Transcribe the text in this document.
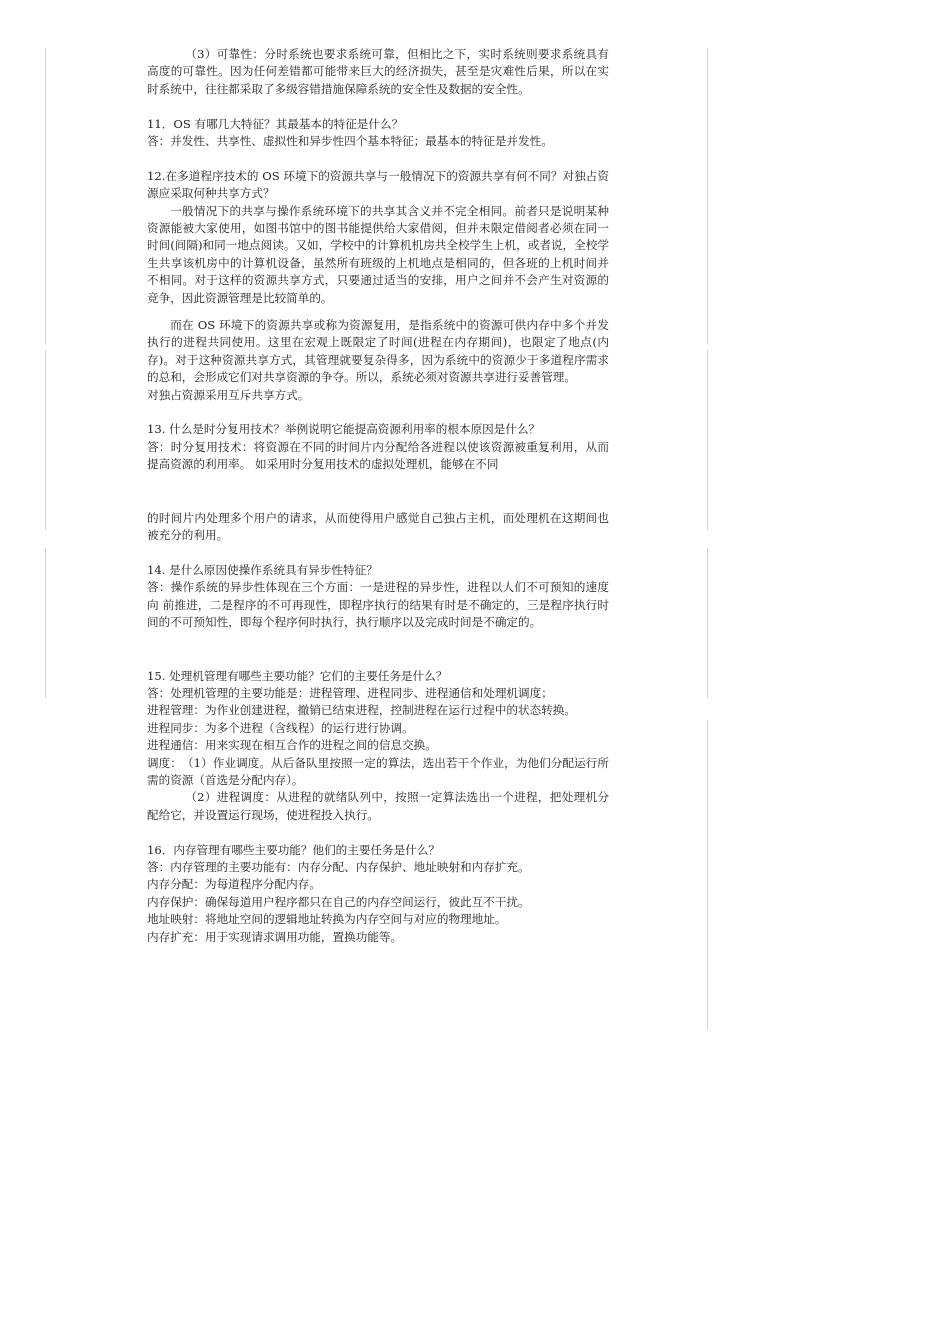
（3）可靠性：分时系统也要求系统可靠，但相比之下，实时系统则要求系统具有高度的可靠性。因为任何差错都可能带来巨大的经济损失，甚至是灾难性后果，所以在实时系统中，往往都采取了多级容错措施保障系统的安全性及数据的安全性。
11．OS 有哪几大特征？其最基本的特征是什么？
答：并发性、共享性、虚拟性和异步性四个基本特征；最基本的特征是并发性。
12.在多道程序技术的 OS 环境下的资源共享与一般情况下的资源共享有何不同？对独占资源应采取何种共享方式？
一般情况下的共享与操作系统环境下的共享其含义并不完全相同。前者只是说明某种资源能被大家使用，如图书馆中的图书能提供给大家借阅，但并未限定借阅者必须在同一时间(间隔)和同一地点阅读。又如，学校中的计算机机房共全校学生上机，或者说，全校学生共享该机房中的计算机设备，虽然所有班级的上机地点是相同的，但各班的上机时间并不相同。对于这样的资源共享方式，只要通过适当的安排，用户之间并不会产生对资源的竞争，因此资源管理是比较简单的。
而在 OS 环境下的资源共享或称为资源复用，是指系统中的资源可供内存中多个并发执行的进程共同使用。这里在宏观上既限定了时间(进程在内存期间)，也限定了地点(内存)。对于这种资源共享方式，其管理就要复杂得多，因为系统中的资源少于多道程序需求的总和，会形成它们对共享资源的争夺。所以，系统必须对资源共享进行妥善管理。
对独占资源采用互斥共享方式。
13. 什么是时分复用技术？举例说明它能提高资源利用率的根本原因是什么？
答：时分复用技术：将资源在不同的时间片内分配给各进程以使该资源被重复利用，从而提高资源的利用率。 如采用时分复用技术的虚拟处理机，能够在不同
的时间片内处理多个用户的请求，从而使得用户感觉自己独占主机，而处理机在这期间也被充分的利用。
14. 是什么原因使操作系统具有异步性特征？
答：操作系统的异步性体现在三个方面：一是进程的异步性，进程以人们不可预知的速度向 前推进，二是程序的不可再现性，即程序执行的结果有时是不确定的，三是程序执行时间的不可预知性，即每个程序何时执行，执行顺序以及完成时间是不确定的。
15. 处理机管理有哪些主要功能？它们的主要任务是什么？
答：处理机管理的主要功能是：进程管理、进程同步、进程通信和处理机调度；
进程管理：为作业创建进程，撤销已结束进程，控制进程在运行过程中的状态转换。
进程同步：为多个进程（含线程）的运行进行协调。
进程通信：用来实现在相互合作的进程之间的信息交换。
调度：　（1）作业调度。从后备队里按照一定的算法，选出若干个作业，为他们分配运行所需的资源（首选是分配内存）。
（2）进程调度：从进程的就绪队列中，按照一定算法选出一个进程，把处理机分配给它，并设置运行现场，使进程投入执行。
16．内存管理有哪些主要功能？他们的主要任务是什么？
答：内存管理的主要功能有：内存分配、内存保护、地址映射和内存扩充。
内存分配：为每道程序分配内存。
内存保护：确保每道用户程序都只在自己的内存空间运行，彼此互不干扰。
地址映射：将地址空间的逻辑地址转换为内存空间与对应的物理地址。
内存扩充：用于实现请求调用功能，置换功能等。
